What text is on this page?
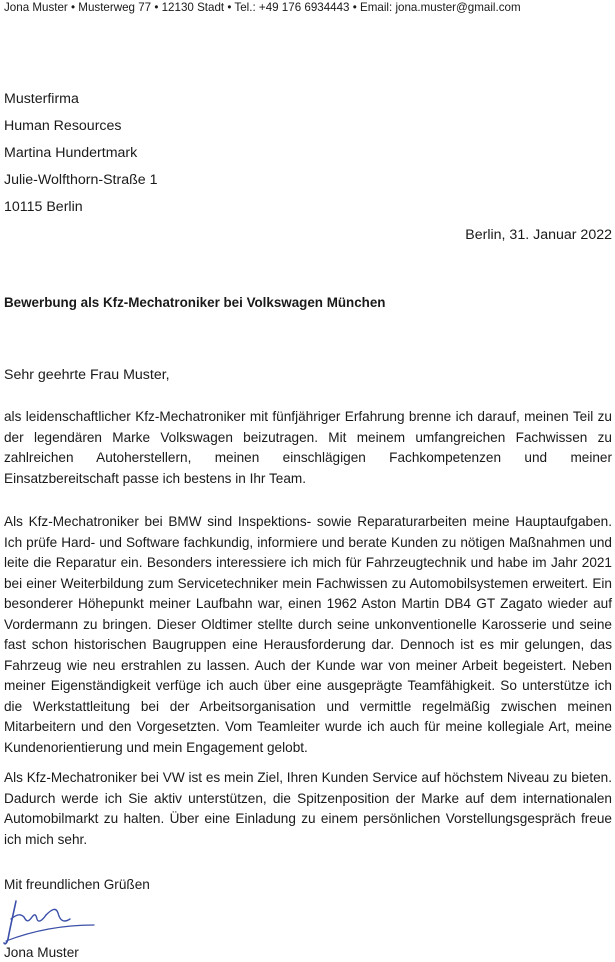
Jona Muster • Musterweg 77 • 12130 Stadt • Tel.: +49 176 6934443 • Email: jona.muster@gmail.com
Musterfirma
Human Resources
Martina Hundertmark
Julie-Wolfthorn-Straße 1
10115 Berlin
Berlin, 31. Januar 2022
Bewerbung als Kfz-Mechatroniker bei Volkswagen München
Sehr geehrte Frau Muster,

als leidenschaftlicher Kfz-Mechatroniker mit fünfjähriger Erfahrung brenne ich darauf, meinen Teil zu der legendären Marke Volkswagen beizutragen. Mit meinem umfangreichen Fachwissen zu zahlreichen Autoherstellern, meinen einschlägigen Fachkompetenzen und meiner Einsatzbereitschaft passe ich bestens in Ihr Team.

Als Kfz-Mechatroniker bei BMW sind Inspektions- sowie Reparaturarbeiten meine Hauptaufgaben. Ich prüfe Hard- und Software fachkundig, informiere und berate Kunden zu nötigen Maßnahmen und leite die Reparatur ein. Besonders interessiere ich mich für Fahrzeugtechnik und habe im Jahr 2021 bei einer Weiterbildung zum Servicetechniker mein Fachwissen zu Automobilsystemen erweitert. Ein besonderer Höhepunkt meiner Laufbahn war, einen 1962 Aston Martin DB4 GT Zagato wieder auf Vordermann zu bringen. Dieser Oldtimer stellte durch seine unkonventionelle Karosserie und seine fast schon historischen Baugruppen eine Herausforderung dar. Dennoch ist es mir gelungen, das Fahrzeug wie neu erstrahlen zu lassen. Auch der Kunde war von meiner Arbeit begeistert. Neben meiner Eigenständigkeit verfüge ich auch über eine ausgeprägte Teamfähigkeit. So unterstütze ich die Werkstattleitung bei der Arbeitsorganisation und vermittle regelmäßig zwischen meinen Mitarbeitern und den Vorgesetzten. Vom Teamleiter wurde ich auch für meine kollegiale Art, meine Kundenorientierung und mein Engagement gelobt.

Als Kfz-Mechatroniker bei VW ist es mein Ziel, Ihren Kunden Service auf höchstem Niveau zu bieten. Dadurch werde ich Sie aktiv unterstützen, die Spitzenposition der Marke auf dem internationalen Automobilmarkt zu halten. Über eine Einladung zu einem persönlichen Vorstellungsgespräch freue ich mich sehr.

Mit freundlichen Grüßen
Jona Muster
